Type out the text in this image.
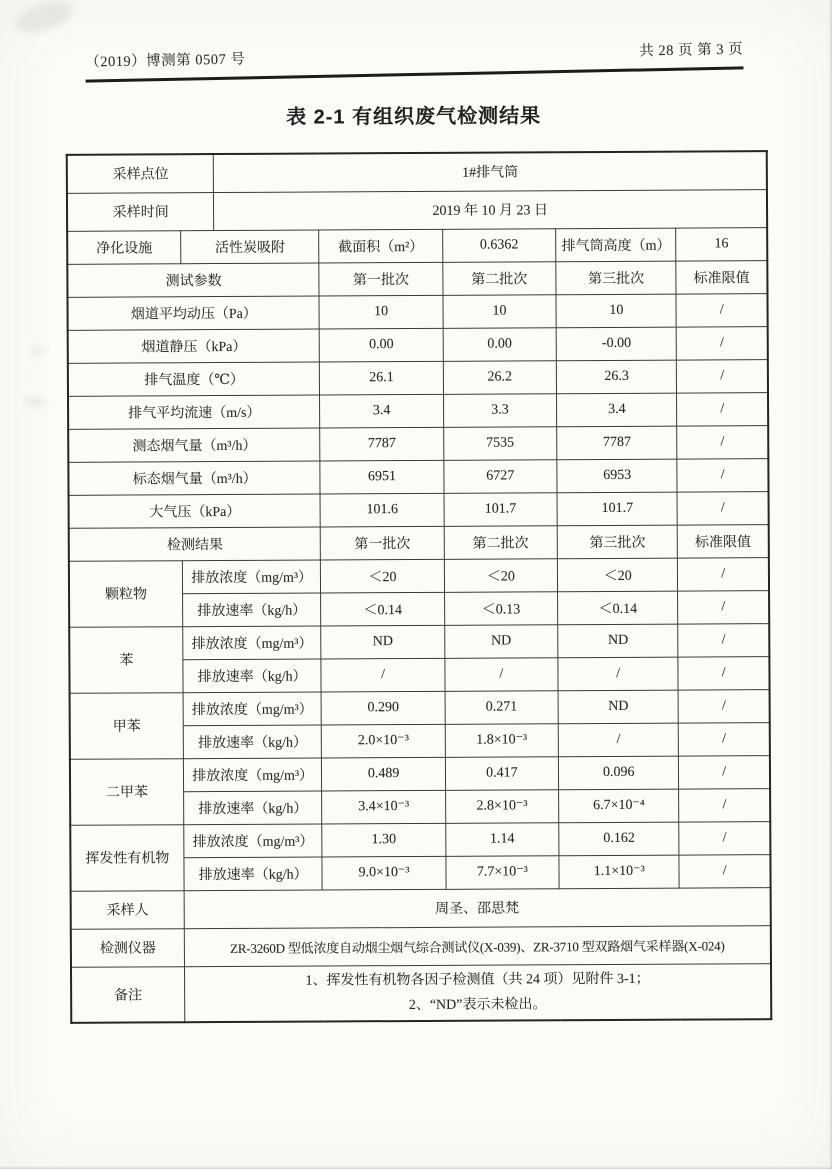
（2019）博测第 0507 号
共 28 页 第 3 页
表 2-1 有组织废气检测结果
采样点位		1#排气筒				
采样时间		2019 年 10 月 23 日				
净化设施	活性炭吸附		截面积（m²）	0.6362	排气筒高度（m）	16
测试参数			第一批次	第二批次	第三批次	标准限值
烟道平均动压（Pa）			10	10	10	/
烟道静压（kPa）			0.00	0.00	-0.00	/
排气温度（℃）			26.1	26.2	26.3	/
排气平均流速（m/s）			3.4	3.3	3.4	/
测态烟气量（m³/h）			7787	7535	7787	/
标态烟气量（m³/h）			6951	6727	6953	/
大气压（kPa）			101.6	101.7	101.7	/
检测结果			第一批次	第二批次	第三批次	标准限值
颗粒物	排放浓度（mg/m³）		＜20	＜20	＜20	/
	排放速率（kg/h）		＜0.14	＜0.13	＜0.14	/
苯	排放浓度（mg/m³）		ND	ND	ND	/
	排放速率（kg/h）		/	/	/	/
甲苯	排放浓度（mg/m³）		0.290	0.271	ND	/
	排放速率（kg/h）		2.0×10⁻³	1.8×10⁻³	/	/
二甲苯	排放浓度（mg/m³）		0.489	0.417	0.096	/
	排放速率（kg/h）		3.4×10⁻³	2.8×10⁻³	6.7×10⁻⁴	/
挥发性有机物	排放浓度（mg/m³）		1.30	1.14	0.162	/
	排放速率（kg/h）		9.0×10⁻³	7.7×10⁻³	1.1×10⁻³	/
采样人	周圣、邵思梵					
检测仪器	ZR-3260D 型低浓度自动烟尘烟气综合测试仪(X-039)、ZR-3710 型双路烟气采样器(X-024)					
备注	1、挥发性有机物各因子检测值（共 24 项）见附件 3-1；
2、“ND”表示未检出。					
